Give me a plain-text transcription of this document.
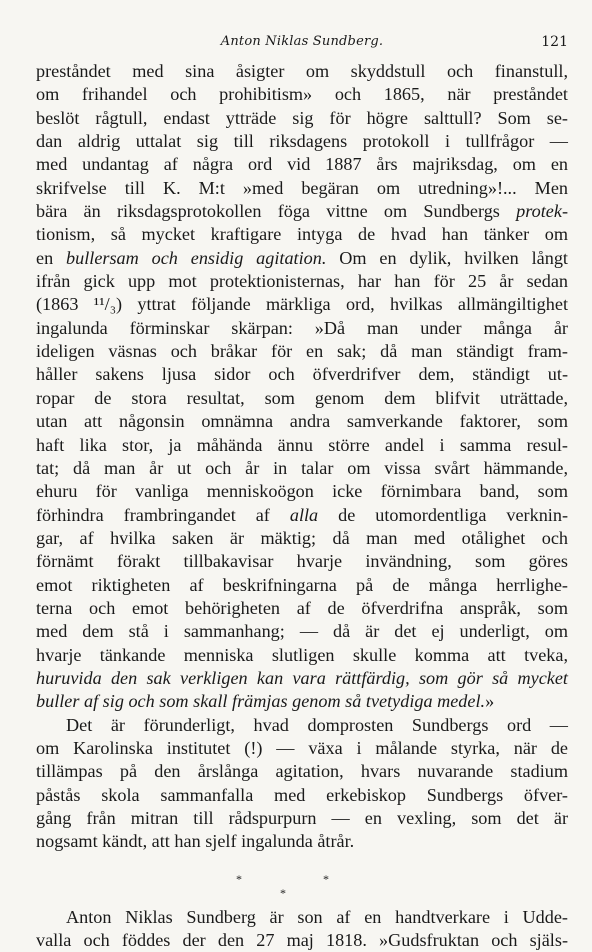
Anton Niklas Sundberg.	121
preståndet med sina åsigter om skyddstull och finanstull,
om frihandel och prohibitism» och 1865, när preståndet
beslöt rågtull, endast ytträde sig för högre salttull? Som se-
dan aldrig uttalat sig till riksdagens protokoll i tullfrågor —
med undantag af några ord vid 1887 års majriksdag, om en
skrifvelse till K. M:t »med begäran om utredning»!... Men
bära än riksdagsprotokollen föga vittne om Sundbergs protek-
tionism, så mycket kraftigare intyga de hvad han tänker om
en bullersam och ensidig agitation. Om en dylik, hvilken långt
ifrån gick upp mot protektionisternas, har han för 25 år sedan
(1863 ¹¹/₃) yttrat följande märkliga ord, hvilkas allmängiltighet
ingalunda förminskar skärpan: »Då man under många år
ideligen väsnas och bråkar för en sak; då man ständigt fram-
håller sakens ljusa sidor och öfverdrifver dem, ständigt ut-
ropar de stora resultat, som genom dem blifvit uträttade,
utan att någonsin omnämna andra samverkande faktorer, som
haft lika stor, ja måhända ännu större andel i samma resul-
tat; då man år ut och år in talar om vissa svårt hämmande,
ehuru för vanliga menniskoögon icke förnimbara band, som
förhindra frambringandet af alla de utomordentliga verknin-
gar, af hvilka saken är mäktig; då man med otålighet och
förnämt förakt tillbakavisar hvarje invändning, som göres
emot riktigheten af beskrifningarna på de många herrlighe-
terna och emot behörigheten af de öfverdrifna anspråk, som
med dem stå i sammanhang; — då är det ej underligt, om
hvarje tänkande menniska slutligen skulle komma att tveka,
huruvida den sak verkligen kan vara rättfärdig, som gör så mycket
buller af sig och som skall främjas genom så tvetydiga medel.»
Det är förunderligt, hvad domprosten Sundbergs ord —
om Karolinska institutet (!) — växa i målande styrka, när de
tillämpas på den årslånga agitation, hvars nuvarande stadium
påstås skola sammanfalla med erkebiskop Sundbergs öfver-
gång från mitran till rådspurpurn — en vexling, som det är
nogsamt kändt, att han sjelf ingalunda åtrår.
*	*
*
Anton Niklas Sundberg är son af en handtverkare i Udde-
valla och föddes der den 27 maj 1818. »Gudsfruktan och själs-
